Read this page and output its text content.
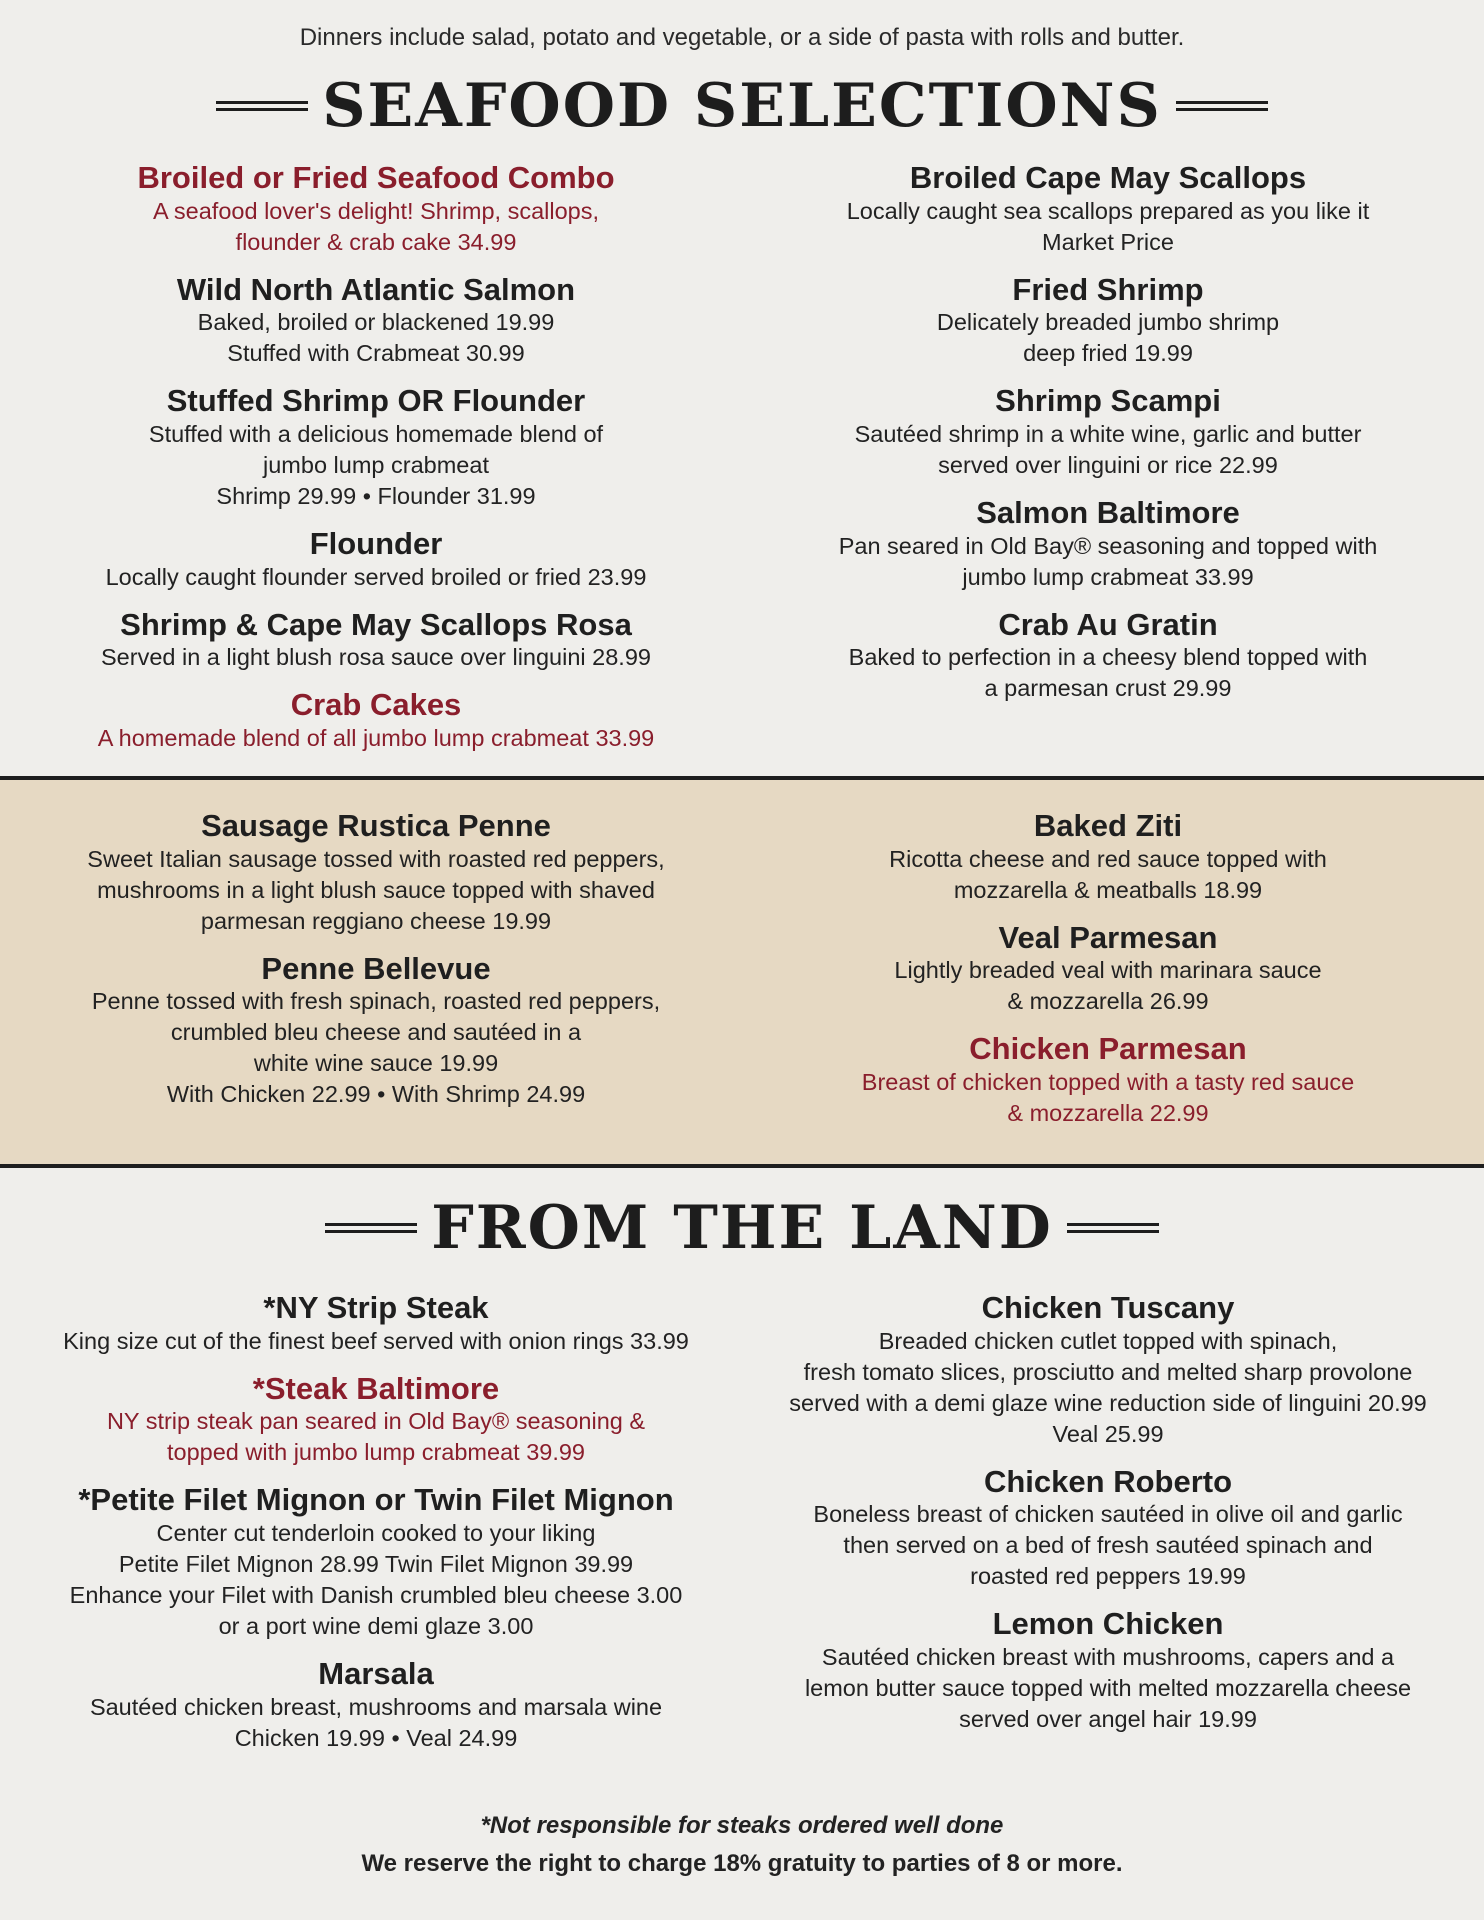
Dinners include salad, potato and vegetable, or a side of pasta with rolls and butter.
SEAFOOD SELECTIONS
Broiled or Fried Seafood Combo
A seafood lover's delight! Shrimp, scallops,
flounder & crab cake 34.99
Wild North Atlantic Salmon
Baked, broiled or blackened 19.99
Stuffed with Crabmeat 30.99
Stuffed Shrimp OR Flounder
Stuffed with a delicious homemade blend of
jumbo lump crabmeat
Shrimp 29.99 • Flounder 31.99
Flounder
Locally caught flounder served broiled or fried 23.99
Shrimp & Cape May Scallops Rosa
Served in a light blush rosa sauce over linguini 28.99
Crab Cakes
A homemade blend of all jumbo lump crabmeat 33.99
Broiled Cape May Scallops
Locally caught sea scallops prepared as you like it
Market Price
Fried Shrimp
Delicately breaded jumbo shrimp
deep fried 19.99
Shrimp Scampi
Sautéed shrimp in a white wine, garlic and butter
served over linguini or rice 22.99
Salmon Baltimore
Pan seared in Old Bay® seasoning and topped with
jumbo lump crabmeat 33.99
Crab Au Gratin
Baked to perfection in a cheesy blend topped with
a parmesan crust 29.99
Sausage Rustica Penne
Sweet Italian sausage tossed with roasted red peppers,
mushrooms in a light blush sauce topped with shaved
parmesan reggiano cheese 19.99
Penne Bellevue
Penne tossed with fresh spinach, roasted red peppers,
crumbled bleu cheese and sautéed in a
white wine sauce 19.99
With Chicken 22.99 • With Shrimp 24.99
Baked Ziti
Ricotta cheese and red sauce topped with
mozzarella & meatballs 18.99
Veal Parmesan
Lightly breaded veal with marinara sauce
& mozzarella 26.99
Chicken Parmesan
Breast of chicken topped with a tasty red sauce
& mozzarella 22.99
FROM THE LAND
*NY Strip Steak
King size cut of the finest beef served with onion rings 33.99
*Steak Baltimore
NY strip steak pan seared in Old Bay® seasoning &
topped with jumbo lump crabmeat 39.99
*Petite Filet Mignon or Twin Filet Mignon
Center cut tenderloin cooked to your liking
Petite Filet Mignon 28.99 Twin Filet Mignon 39.99
Enhance your Filet with Danish crumbled bleu cheese 3.00
or a port wine demi glaze 3.00
Marsala
Sautéed chicken breast, mushrooms and marsala wine
Chicken 19.99 • Veal 24.99
Chicken Tuscany
Breaded chicken cutlet topped with spinach,
fresh tomato slices, prosciutto and melted sharp provolone
served with a demi glaze wine reduction side of linguini 20.99
Veal 25.99
Chicken Roberto
Boneless breast of chicken sautéed in olive oil and garlic
then served on a bed of fresh sautéed spinach and
roasted red peppers 19.99
Lemon Chicken
Sautéed chicken breast with mushrooms, capers and a
lemon butter sauce topped with melted mozzarella cheese
served over angel hair 19.99
*Not responsible for steaks ordered well done
We reserve the right to charge 18% gratuity to parties of 8 or more.
